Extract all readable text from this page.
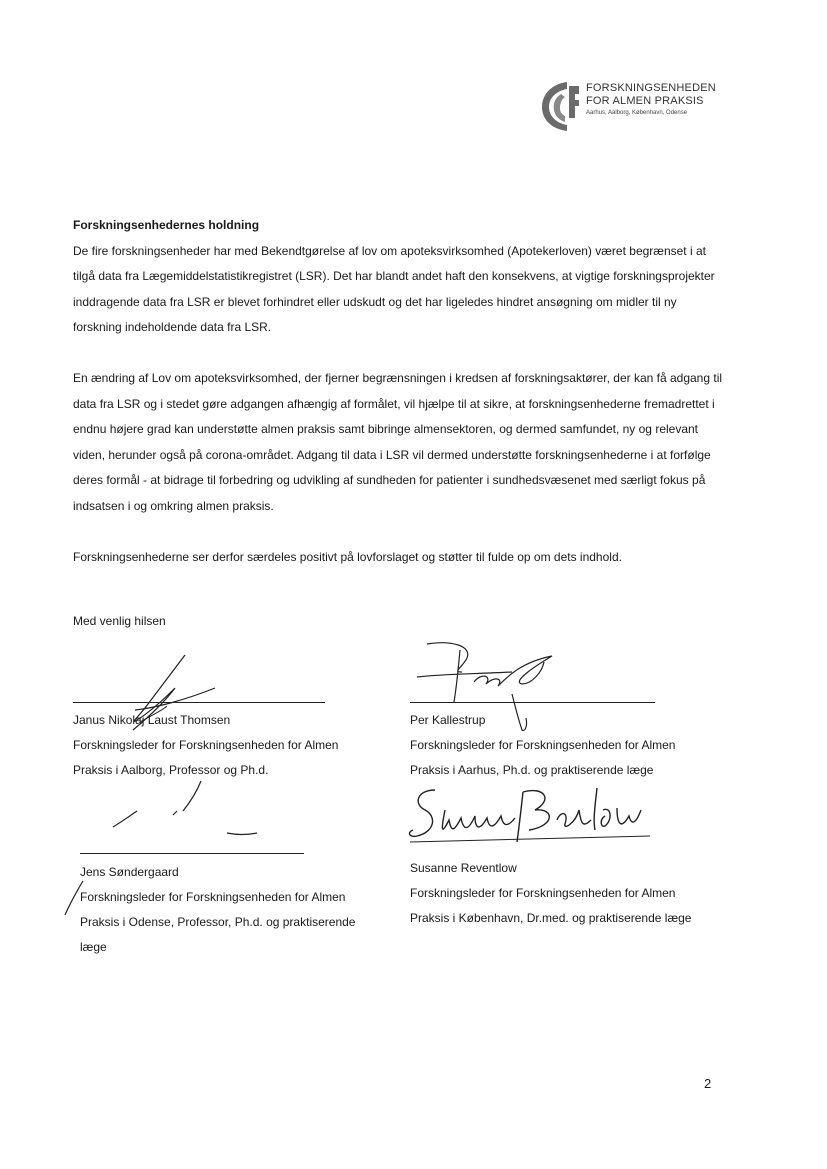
FORSKNINGSENHEDEN
FOR ALMEN PRAKSIS
Aarhus, Aalborg, København, Odense
Forskningsenhedernes holdning

De fire forskningsenheder har med Bekendtgørelse af lov om apoteksvirksomhed (Apotekerloven) været begrænset i at tilgå data fra Lægemiddelstatistikregistret (LSR). Det har blandt andet haft den konsekvens, at vigtige forskningsprojekter inddragende data fra LSR er blevet forhindret eller udskudt og det har ligeledes hindret ansøgning om midler til ny forskning indeholdende data fra LSR.

En ændring af Lov om apoteksvirksomhed, der fjerner begrænsningen i kredsen af forskningsaktører, der kan få adgang til data fra LSR og i stedet gøre adgangen afhængig af formålet, vil hjælpe til at sikre, at forskningsenhederne fremadrettet i endnu højere grad kan understøtte almen praksis samt bibringe almensektoren, og dermed samfundet, ny og relevant viden, herunder også på corona-området. Adgang til data i LSR vil dermed understøtte forskningsenhederne i at forfølge deres formål - at bidrage til forbedring og udvikling af sundheden for patienter i sundhedsvæsenet med særligt fokus på indsatsen i og omkring almen praksis.

Forskningsenhederne ser derfor særdeles positivt på lovforslaget og støtter til fulde op om dets indhold.

Med venlig hilsen
Janus Nikolaj Laust Thomsen
Forskningsleder for Forskningsenheden for Almen Praksis i Aalborg, Professor og Ph.d.
Per Kallestrup
Forskningsleder for Forskningsenheden for Almen Praksis i Aarhus, Ph.d. og praktiserende læge
Jens Søndergaard
Forskningsleder for Forskningsenheden for Almen Praksis i Odense, Professor, Ph.d. og praktiserende læge
Susanne Reventlow
Forskningsleder for Forskningsenheden for Almen Praksis i København, Dr.med. og praktiserende læge
2
